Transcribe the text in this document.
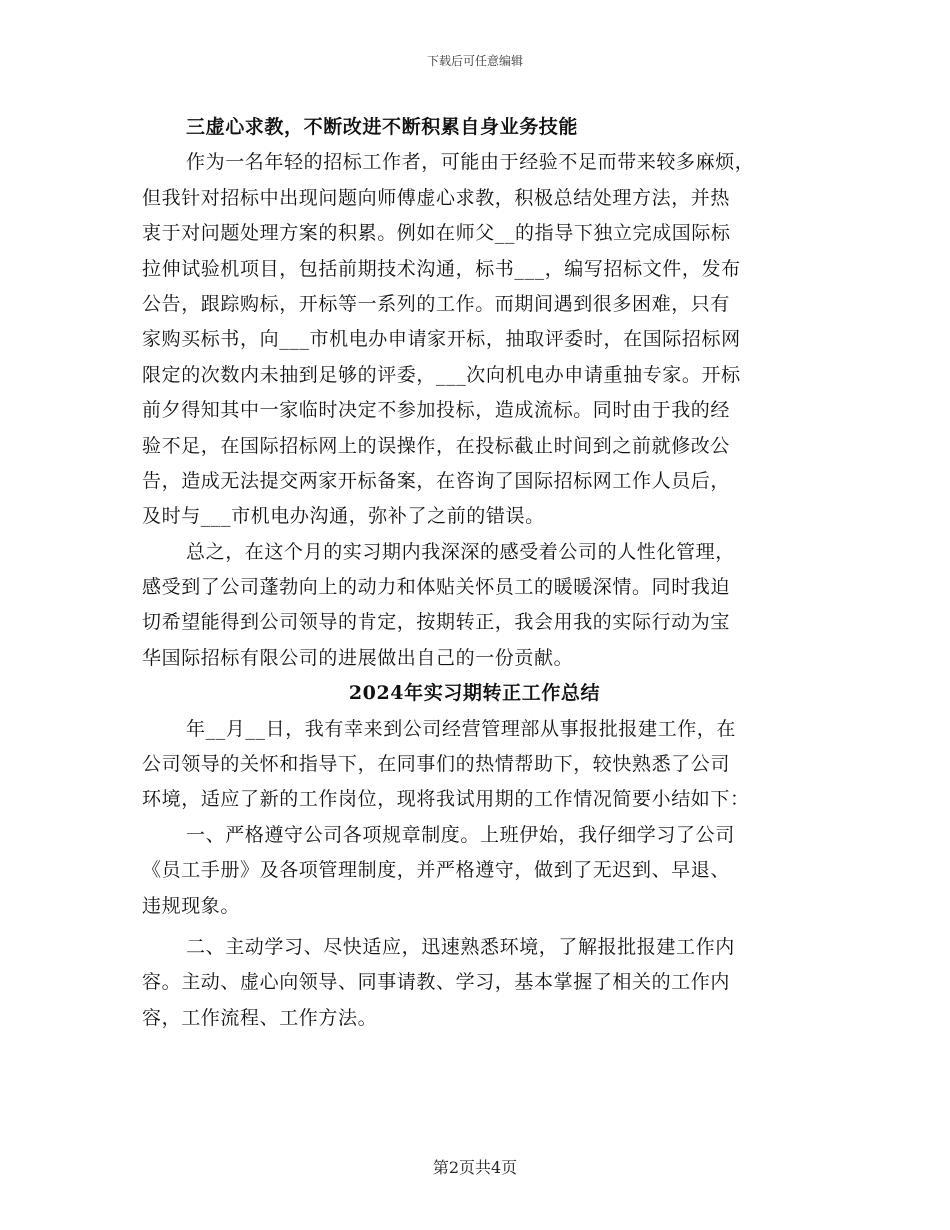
下载后可任意编辑
三虚心求教，不断改进不断积累自身业务技能
作为一名年轻的招标工作者，可能由于经验不足而带来较多麻烦，
但我针对招标中出现问题向师傅虚心求教，积极总结处理方法，并热
衷于对问题处理方案的积累。例如在师父__的指导下独立完成国际标
拉伸试验机项目，包括前期技术沟通，标书___，编写招标文件，发布
公告，跟踪购标，开标等一系列的工作。而期间遇到很多困难，只有
家购买标书，向___市机电办申请家开标，抽取评委时，在国际招标网
限定的次数内未抽到足够的评委，___次向机电办申请重抽专家。开标
前夕得知其中一家临时决定不参加投标，造成流标。同时由于我的经
验不足，在国际招标网上的误操作，在投标截止时间到之前就修改公
告，造成无法提交两家开标备案，在咨询了国际招标网工作人员后，
及时与___市机电办沟通，弥补了之前的错误。
总之，在这个月的实习期内我深深的感受着公司的人性化管理，
感受到了公司蓬勃向上的动力和体贴关怀员工的暖暖深情。同时我迫
切希望能得到公司领导的肯定，按期转正，我会用我的实际行动为宝
华国际招标有限公司的进展做出自己的一份贡献。
2024年实习期转正工作总结
年__月__日，我有幸来到公司经营管理部从事报批报建工作，在
公司领导的关怀和指导下，在同事们的热情帮助下，较快熟悉了公司
环境，适应了新的工作岗位，现将我试用期的工作情况简要小结如下：
一、严格遵守公司各项规章制度。上班伊始，我仔细学习了公司
《员工手册》及各项管理制度，并严格遵守，做到了无迟到、早退、
违规现象。
二、主动学习、尽快适应，迅速熟悉环境，了解报批报建工作内
容。主动、虚心向领导、同事请教、学习，基本掌握了相关的工作内
容，工作流程、工作方法。
第2页共4页
